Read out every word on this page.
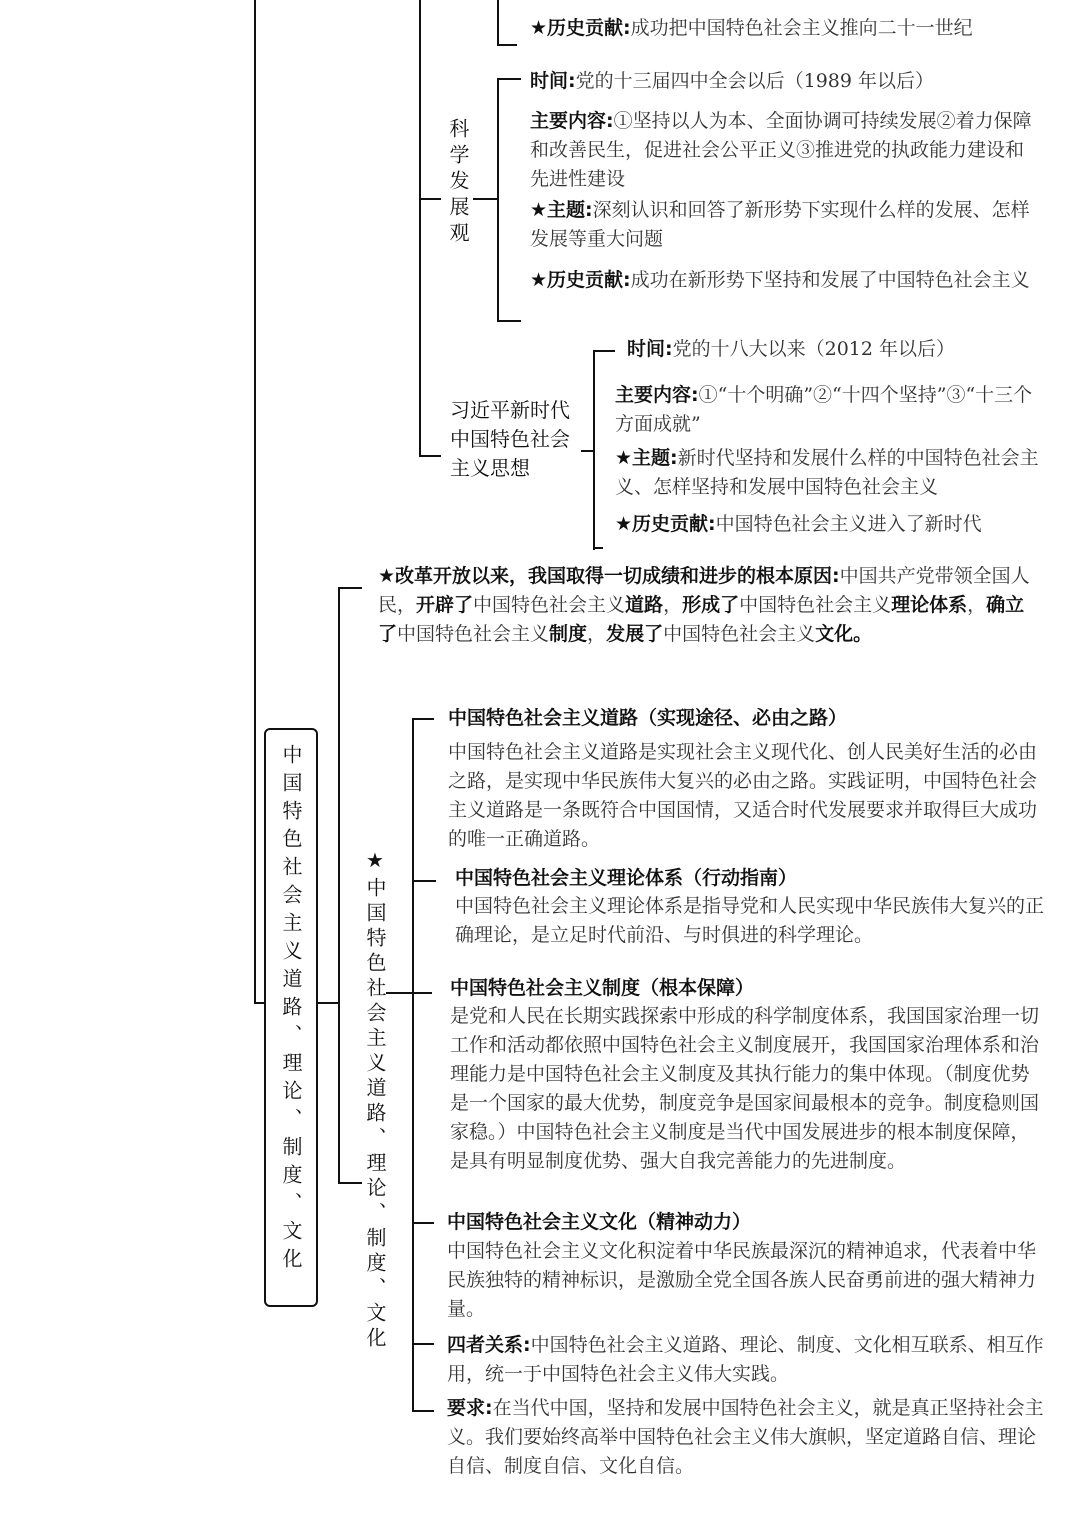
★历史贡献:成功把中国特色社会主义推向二十一世纪
科学发展观
时间:党的十三届四中全会以后（1989 年以后）
主要内容:①坚持以人为本、全面协调可持续发展②着力保障和改善民生，促进社会公平正义③推进党的执政能力建设和先进性建设
★主题:深刻认识和回答了新形势下实现什么样的发展、怎样发展等重大问题
★历史贡献:成功在新形势下坚持和发展了中国特色社会主义
习近平新时代中国特色社会主义思想
时间:党的十八大以来（2012 年以后）
主要内容:①“十个明确”②“十四个坚持”③“十三个方面成就”
★主题:新时代坚持和发展什么样的中国特色社会主义、怎样坚持和发展中国特色社会主义
★历史贡献:中国特色社会主义进入了新时代
中国特色社会主义道路、理论、制度、文化
★改革开放以来，我国取得一切成绩和进步的根本原因:中国共产党带领全国人民，开辟了中国特色社会主义道路，形成了中国特色社会主义理论体系，确立了中国特色社会主义制度，发展了中国特色社会主义文化。
★中国特色社会主义道路、理论、制度、文化
中国特色社会主义道路（实现途径、必由之路）
中国特色社会主义道路是实现社会主义现代化、创人民美好生活的必由之路，是实现中华民族伟大复兴的必由之路。实践证明，中国特色社会主义道路是一条既符合中国国情，又适合时代发展要求并取得巨大成功的唯一正确道路。
中国特色社会主义理论体系（行动指南）
中国特色社会主义理论体系是指导党和人民实现中华民族伟大复兴的正确理论，是立足时代前沿、与时俱进的科学理论。
中国特色社会主义制度（根本保障）
是党和人民在长期实践探索中形成的科学制度体系，我国国家治理一切工作和活动都依照中国特色社会主义制度展开，我国国家治理体系和治理能力是中国特色社会主义制度及其执行能力的集中体现。（制度优势是一个国家的最大优势，制度竞争是国家间最根本的竞争。制度稳则国家稳。）中国特色社会主义制度是当代中国发展进步的根本制度保障，是具有明显制度优势、强大自我完善能力的先进制度。
中国特色社会主义文化（精神动力）
中国特色社会主义文化积淀着中华民族最深沉的精神追求，代表着中华民族独特的精神标识，是激励全党全国各族人民奋勇前进的强大精神力量。
四者关系:中国特色社会主义道路、理论、制度、文化相互联系、相互作用，统一于中国特色社会主义伟大实践。
要求:在当代中国，坚持和发展中国特色社会主义，就是真正坚持社会主义。我们要始终高举中国特色社会主义伟大旗帜，坚定道路自信、理论自信、制度自信、文化自信。
